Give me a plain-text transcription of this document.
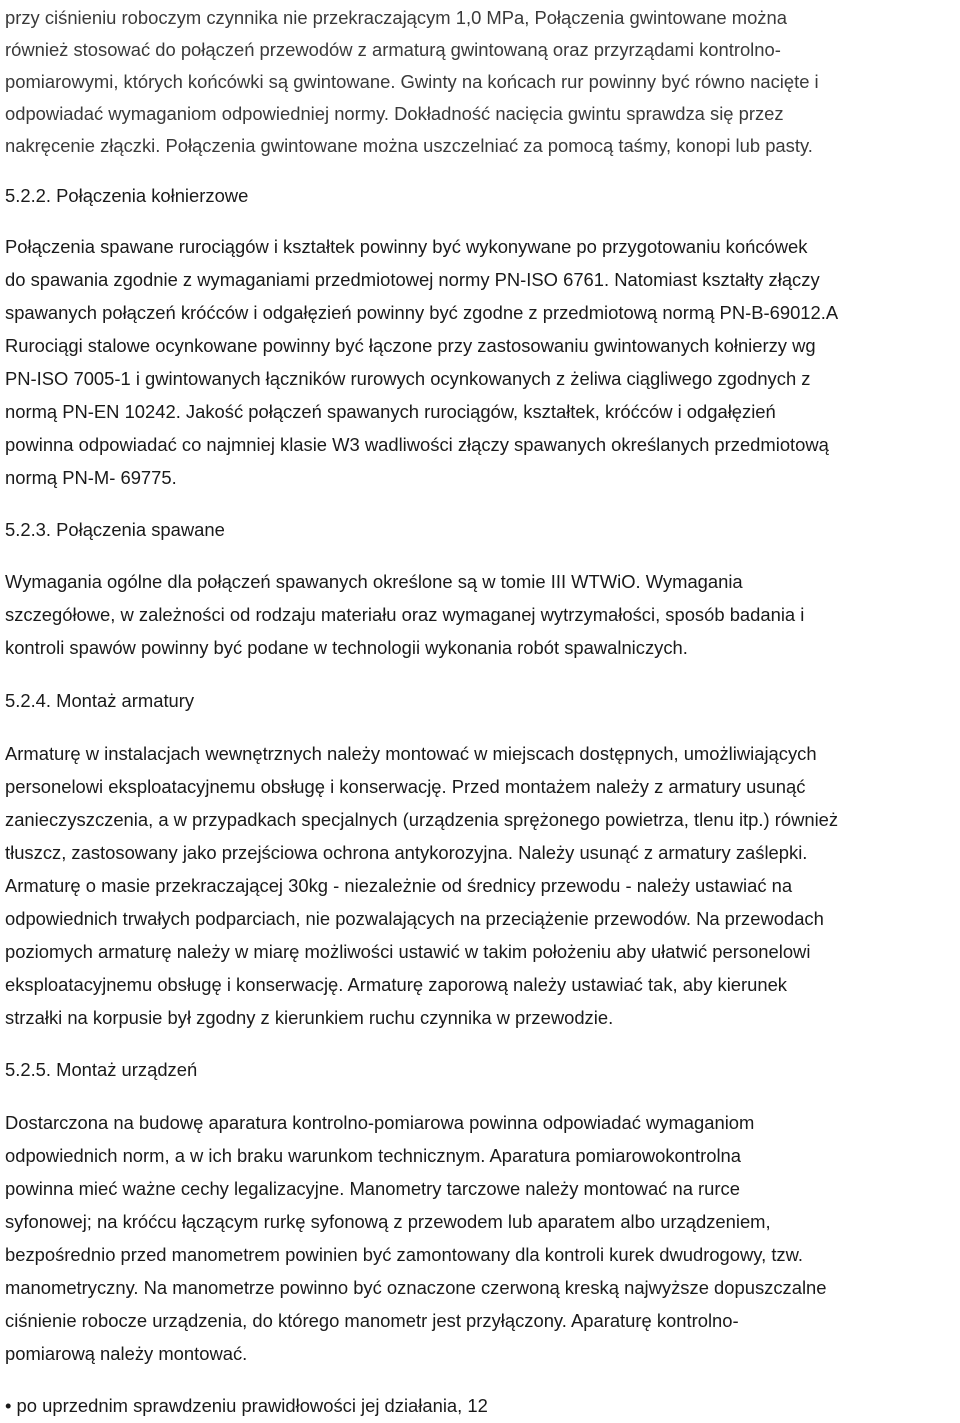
przy ciśnieniu roboczym czynnika nie przekraczającym 1,0 MPa, Połączenia gwintowane można
również stosować do połączeń przewodów z armaturą gwintowaną oraz przyrządami kontrolno-
pomiarowymi, których końcówki są gwintowane. Gwinty na końcach rur powinny być równo nacięte i
odpowiadać wymaganiom odpowiedniej normy. Dokładność nacięcia gwintu sprawdza się przez
nakręcenie złączki. Połączenia gwintowane można uszczelniać za pomocą taśmy, konopi lub pasty.
5.2.2. Połączenia kołnierzowe
Połączenia spawane rurociągów i kształtek powinny być wykonywane po przygotowaniu końcówek
do spawania zgodnie z wymaganiami przedmiotowej normy PN-ISO 6761. Natomiast kształty złączy
spawanych połączeń króćców i odgałęzień powinny być zgodne z przedmiotową normą PN-B-69012.A
Rurociągi stalowe ocynkowane powinny być łączone przy zastosowaniu gwintowanych kołnierzy wg
PN-ISO 7005-1 i gwintowanych łączników rurowych ocynkowanych z żeliwa ciągliwego zgodnych z
normą PN-EN 10242. Jakość połączeń spawanych rurociągów, kształtek, króćców i odgałęzień
powinna odpowiadać co najmniej klasie W3 wadliwości złączy spawanych określanych przedmiotową
normą PN-M- 69775.
5.2.3. Połączenia spawane
Wymagania ogólne dla połączeń spawanych określone są w tomie III WTWiO. Wymagania
szczegółowe, w zależności od rodzaju materiału oraz wymaganej wytrzymałości, sposób badania i
kontroli spawów powinny być podane w technologii wykonania robót spawalniczych.
5.2.4. Montaż armatury
Armaturę w instalacjach wewnętrznych należy montować w miejscach dostępnych, umożliwiających
personelowi eksploatacyjnemu obsługę i konserwację. Przed montażem należy z armatury usunąć
zanieczyszczenia, a w przypadkach specjalnych (urządzenia sprężonego powietrza, tlenu itp.) również
tłuszcz, zastosowany jako przejściowa ochrona antykorozyjna. Należy usunąć z armatury zaślepki.
Armaturę o masie przekraczającej 30kg - niezależnie od średnicy przewodu - należy ustawiać na
odpowiednich trwałych podparciach, nie pozwalających na przeciążenie przewodów. Na przewodach
poziomych armaturę należy w miarę możliwości ustawić w takim położeniu aby ułatwić personelowi
eksploatacyjnemu obsługę i konserwację. Armaturę zaporową należy ustawiać tak, aby kierunek
strzałki na korpusie był zgodny z kierunkiem ruchu czynnika w przewodzie.
5.2.5. Montaż urządzeń
Dostarczona na budowę aparatura kontrolno-pomiarowa powinna odpowiadać wymaganiom
odpowiednich norm, a w ich braku warunkom technicznym. Aparatura pomiarowokontrolna
powinna mieć ważne cechy legalizacyjne. Manometry tarczowe należy montować na rurce
syfonowej; na króćcu łączącym rurkę syfonową z przewodem lub aparatem albo urządzeniem,
bezpośrednio przed manometrem powinien być zamontowany dla kontroli kurek dwudrogowy, tzw.
manometryczny. Na manometrze powinno być oznaczone czerwoną kreską najwyższe dopuszczalne
ciśnienie robocze urządzenia, do którego manometr jest przyłączony. Aparaturę kontrolno-
pomiarową należy montować.
• po uprzednim sprawdzeniu prawidłowości jej działania, 12
